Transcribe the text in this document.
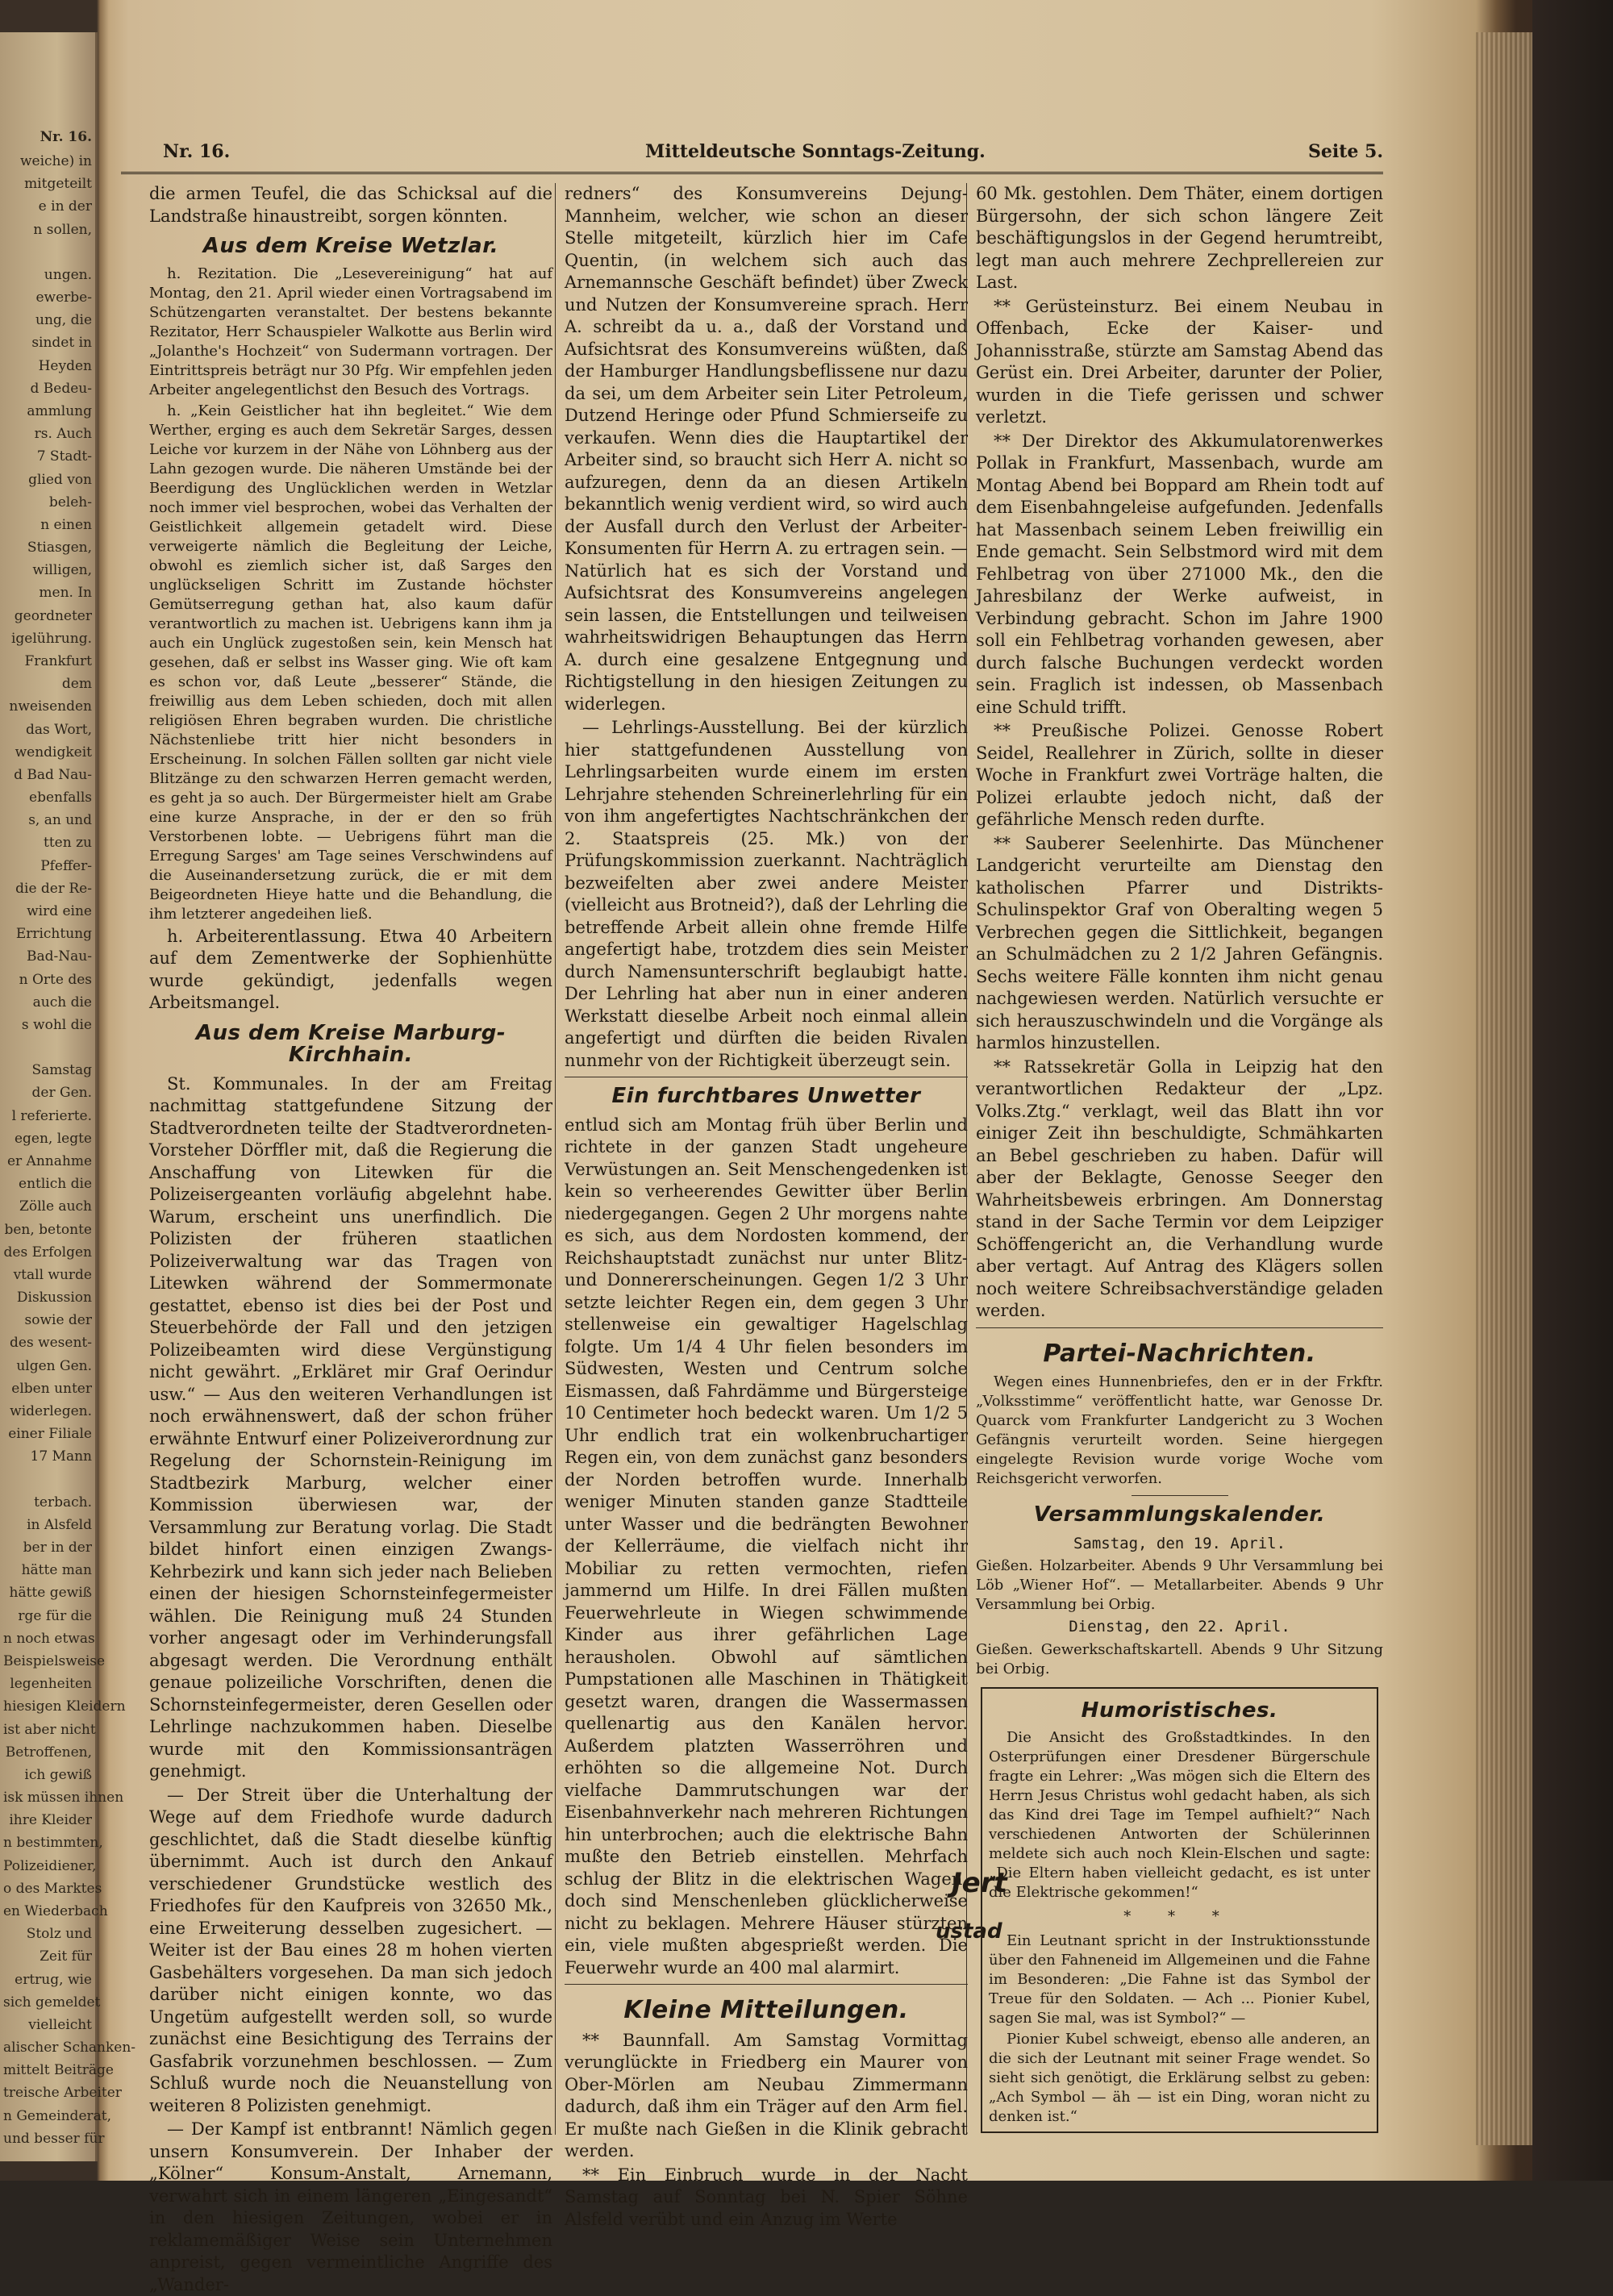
Nr. 16.
weiche) in
mitgeteilt
e in der
n sollen,
ungen.
ewerbe-
ung, die
sindet in
Heyden
d Bedeu-
ammlung
rs. Auch
7 Stadt-
glied von
beleh-
n einen
Stiasgen,
willigen,
men. In
geordneter
igelührung.
Frankfurt
dem
nweisenden
das Wort,
wendigkeit
d Bad Nau-
ebenfalls
s, an und
tten zu
Pfeffer-
die der Re-
wird eine
Errichtung
Bad-Nau-
n Orte des
auch die
s wohl die
Samstag
der Gen.
l referierte.
egen, legte
er Annahme
entlich die
Zölle auch
ben, betonte
des Erfolgen
vtall wurde
Diskussion
sowie der
des wesent-
ulgen Gen.
elben unter
widerlegen.
einer Filiale
17 Mann
terbach.
in Alsfeld
ber in der
hätte man
hätte gewiß
rge für die
n noch etwas
Beispielsweise
legenheiten
hiesigen Kleidern
ist aber nicht
Betroffenen,
ich gewiß
isk müssen ihnen
ihre Kleider
n bestimmten,
Polizeidiener,
o des Marktes
en Wiederbach
Stolz und
Zeit für
ertrug, wie
sich gemeldet
vielleicht
alischer Schanken-
mittelt Beiträge
treische Arbeiter
n Gemeinderat,
und besser für
Nr. 16.	Mitteldeutsche Sonntags-Zeitung.	Seite 5.

die armen Teufel, die das Schicksal auf die Landstraße hinaustreibt, sorgen könnten.

Aus dem Kreise Wetzlar.

h. Rezitation. Die „Lesevereinigung“ hat auf Montag, den 21. April wieder einen Vortragsabend im Schützengarten veranstaltet. Der bestens bekannte Rezitator, Herr Schauspieler Walkotte aus Berlin wird „Jolanthe's Hochzeit“ von Sudermann vortragen. Der Eintrittspreis beträgt nur 30 Pfg. Wir empfehlen jeden Arbeiter angelegentlichst den Besuch des Vortrags.

h. „Kein Geistlicher hat ihn begleitet.“ Wie dem Werther, erging es auch dem Sekretär Sarges, dessen Leiche vor kurzem in der Nähe von Löhnberg aus der Lahn gezogen wurde. Die näheren Umstände bei der Beerdigung des Unglücklichen werden in Wetzlar noch immer viel besprochen, wobei das Verhalten der Geistlichkeit allgemein getadelt wird. Diese verweigerte nämlich die Begleitung der Leiche, obwohl es ziemlich sicher ist, daß Sarges den unglückseligen Schritt im Zustande höchster Gemütserregung gethan hat, also kaum dafür verantwortlich zu machen ist. Uebrigens kann ihm ja auch ein Unglück zugestoßen sein, kein Mensch hat gesehen, daß er selbst ins Wasser ging. Wie oft kam es schon vor, daß Leute „besserer“ Stände, die freiwillig aus dem Leben schieden, doch mit allen religiösen Ehren begraben wurden. Die christliche Nächstenliebe tritt hier nicht besonders in Erscheinung. In solchen Fällen sollten gar nicht viele Blitzänge zu den schwarzen Herren gemacht werden, es geht ja so auch. Der Bürgermeister hielt am Grabe eine kurze Ansprache, in der er den so früh Verstorbenen lobte. — Uebrigens führt man die Erregung Sarges' am Tage seines Verschwindens auf die Auseinandersetzung zurück, die er mit dem Beigeordneten Hieye hatte und die Behandlung, die ihm letzterer angedeihen ließ.

h. Arbeiterentlassung. Etwa 40 Arbeitern auf dem Zementwerke der Sophienhütte wurde gekündigt, jedenfalls wegen Arbeitsmangel.

Aus dem Kreise Marburg-Kirchhain.

St. Kommunales. In der am Freitag nachmittag stattgefundene Sitzung der Stadtverordneten teilte der Stadtverordneten-Vorsteher Dörffler mit, daß die Regierung die Anschaffung von Litewken für die Polizeisergeanten vorläufig abgelehnt habe. Warum, erscheint uns unerfindlich. Die Polizisten der früheren staatlichen Polizeiverwaltung war das Tragen von Litewken während der Sommermonate gestattet, ebenso ist dies bei der Post und Steuerbehörde der Fall und den jetzigen Polizeibeamten wird diese Vergünstigung nicht gewährt. „Erkläret mir Graf Oerindur usw.“ — Aus den weiteren Verhandlungen ist noch erwähnenswert, daß der schon früher erwähnte Entwurf einer Polizeiverordnung zur Regelung der Schornstein-Reinigung im Stadtbezirk Marburg, welcher einer Kommission überwiesen war, der Versammlung zur Beratung vorlag. Die Stadt bildet hinfort einen einzigen Zwangs-Kehrbezirk und kann sich jeder nach Belieben einen der hiesigen Schornsteinfegermeister wählen. Die Reinigung muß 24 Stunden vorher angesagt oder im Verhinderungsfall abgesagt werden. Die Verordnung enthält genaue polizeiliche Vorschriften, denen die Schornsteinfegermeister, deren Gesellen oder Lehrlinge nachzukommen haben. Dieselbe wurde mit den Kommissionsanträgen genehmigt.

— Der Streit über die Unterhaltung der Wege auf dem Friedhofe wurde dadurch geschlichtet, daß die Stadt dieselbe künftig übernimmt. Auch ist durch den Ankauf verschiedener Grundstücke westlich des Friedhofes für den Kaufpreis von 32650 Mk., eine Erweiterung desselben zugesichert. — Weiter ist der Bau eines 28 m hohen vierten Gasbehälters vorgesehen. Da man sich jedoch darüber nicht einigen konnte, wo das Ungetüm aufgestellt werden soll, so wurde zunächst eine Besichtigung des Terrains der Gasfabrik vorzunehmen beschlossen. — Zum Schluß wurde noch die Neuanstellung von weiteren 8 Polizisten genehmigt.

— Der Kampf ist entbrannt! Nämlich gegen unsern Konsumverein. Der Inhaber der „Kölner“ Konsum-Anstalt, Arnemann, verwahrt sich in einem längeren „Eingesandt“ in den hiesigen Zeitungen, wobei er in reklamemäßiger Weise sein Unternehmen anpreist, gegen vermeintliche Angriffe des „Wander-

redners“ des Konsumvereins Dejung-Mannheim, welcher, wie schon an dieser Stelle mitgeteilt, kürzlich hier im Cafe Quentin, (in welchem sich auch das Arnemannsche Geschäft befindet) über Zweck und Nutzen der Konsumvereine sprach. Herr A. schreibt da u. a., daß der Vorstand und Aufsichtsrat des Konsumvereins wüßten, daß der Hamburger Handlungsbeflissene nur dazu da sei, um dem Arbeiter sein Liter Petroleum, Dutzend Heringe oder Pfund Schmierseife zu verkaufen. Wenn dies die Hauptartikel der Arbeiter sind, so braucht sich Herr A. nicht so aufzuregen, denn da an diesen Artikeln bekanntlich wenig verdient wird, so wird auch der Ausfall durch den Verlust der Arbeiter-Konsumenten für Herrn A. zu ertragen sein. — Natürlich hat es sich der Vorstand und Aufsichtsrat des Konsumvereins angelegen sein lassen, die Entstellungen und teilweisen wahrheitswidrigen Behauptungen das Herrn A. durch eine gesalzene Entgegnung und Richtigstellung in den hiesigen Zeitungen zu widerlegen.

— Lehrlings-Ausstellung. Bei der kürzlich hier stattgefundenen Ausstellung von Lehrlingsarbeiten wurde einem im ersten Lehrjahre stehenden Schreinerlehrling für ein von ihm angefertigtes Nachtschränkchen der 2. Staatspreis (25. Mk.) von der Prüfungskommission zuerkannt. Nachträglich bezweifelten aber zwei andere Meister (vielleicht aus Brotneid?), daß der Lehrling die betreffende Arbeit allein ohne fremde Hilfe angefertigt habe, trotzdem dies sein Meister durch Namensunterschrift beglaubigt hatte. Der Lehrling hat aber nun in einer anderen Werkstatt dieselbe Arbeit noch einmal allein angefertigt und dürften die beiden Rivalen nunmehr von der Richtigkeit überzeugt sein.

Ein furchtbares Unwetter

entlud sich am Montag früh über Berlin und richtete in der ganzen Stadt ungeheure Verwüstungen an. Seit Menschengedenken ist kein so verheerendes Gewitter über Berlin niedergegangen. Gegen 2 Uhr morgens nahte es sich, aus dem Nordosten kommend, der Reichshauptstadt zunächst nur unter Blitz- und Donnererscheinungen. Gegen 1/2 3 Uhr setzte leichter Regen ein, dem gegen 3 Uhr stellenweise ein gewaltiger Hagelschlag folgte. Um 1/4 4 Uhr fielen besonders im Südwesten, Westen und Centrum solche Eismassen, daß Fahrdämme und Bürgersteige 10 Centimeter hoch bedeckt waren. Um 1/2 5 Uhr endlich trat ein wolkenbruchartiger Regen ein, von dem zunächst ganz besonders der Norden betroffen wurde. Innerhalb weniger Minuten standen ganze Stadtteile unter Wasser und die bedrängten Bewohner der Kellerräume, die vielfach nicht ihr Mobiliar zu retten vermochten, riefen jammernd um Hilfe. In drei Fällen mußten Feuerwehrleute in Wiegen schwimmende Kinder aus ihrer gefährlichen Lage herausholen. Obwohl auf sämtlichen Pumpstationen alle Maschinen in Thätigkeit gesetzt waren, drangen die Wassermassen quellenartig aus den Kanälen hervor. Außerdem platzten Wasserröhren und erhöhten so die allgemeine Not. Durch vielfache Dammrutschungen war der Eisenbahnverkehr nach mehreren Richtungen hin unterbrochen; auch die elektrische Bahn mußte den Betrieb einstellen. Mehrfach schlug der Blitz in die elektrischen Wagen, doch sind Menschenleben glücklicherweise nicht zu beklagen. Mehrere Häuser stürzten ein, viele mußten abgesprießt werden. Die Feuerwehr wurde an 400 mal alarmirt.

Kleine Mitteilungen.

** Baunnfall. Am Samstag Vormittag verunglückte in Friedberg ein Maurer von Ober-Mörlen am Neubau Zimmermann dadurch, daß ihm ein Träger auf den Arm fiel. Er mußte nach Gießen in die Klinik gebracht werden.

** Ein Einbruch wurde in der Nacht Samstag auf Sonntag bei N. Spier Söhne Alsfeld verübt und ein Anzug im Werte

Jert
ustad

60 Mk. gestohlen. Dem Thäter, einem dortigen Bürgersohn, der sich schon längere Zeit beschäftigungslos in der Gegend herumtreibt, legt man auch mehrere Zechprellereien zur Last.

** Gerüsteinsturz. Bei einem Neubau in Offenbach, Ecke der Kaiser- und Johannisstraße, stürzte am Samstag Abend das Gerüst ein. Drei Arbeiter, darunter der Polier, wurden in die Tiefe gerissen und schwer verletzt.

** Der Direktor des Akkumulatorenwerkes Pollak in Frankfurt, Massenbach, wurde am Montag Abend bei Boppard am Rhein todt auf dem Eisenbahngeleise aufgefunden. Jedenfalls hat Massenbach seinem Leben freiwillig ein Ende gemacht. Sein Selbstmord wird mit dem Fehlbetrag von über 271000 Mk., den die Jahresbilanz der Werke aufweist, in Verbindung gebracht. Schon im Jahre 1900 soll ein Fehlbetrag vorhanden gewesen, aber durch falsche Buchungen verdeckt worden sein. Fraglich ist indessen, ob Massenbach eine Schuld trifft.

** Preußische Polizei. Genosse Robert Seidel, Reallehrer in Zürich, sollte in dieser Woche in Frankfurt zwei Vorträge halten, die Polizei erlaubte jedoch nicht, daß der gefährliche Mensch reden durfte.

** Sauberer Seelenhirte. Das Münchener Landgericht verurteilte am Dienstag den katholischen Pfarrer und Distrikts-Schulinspektor Graf von Oberalting wegen 5 Verbrechen gegen die Sittlichkeit, begangen an Schulmädchen zu 2 1/2 Jahren Gefängnis. Sechs weitere Fälle konnten ihm nicht genau nachgewiesen werden. Natürlich versuchte er sich herauszuschwindeln und die Vorgänge als harmlos hinzustellen.

** Ratssekretär Golla in Leipzig hat den verantwortlichen Redakteur der „Lpz. Volks.Ztg.“ verklagt, weil das Blatt ihn vor einiger Zeit ihn beschuldigte, Schmähkarten an Bebel geschrieben zu haben. Dafür will aber der Beklagte, Genosse Seeger den Wahrheitsbeweis erbringen. Am Donnerstag stand in der Sache Termin vor dem Leipziger Schöffengericht an, die Verhandlung wurde aber vertagt. Auf Antrag des Klägers sollen noch weitere Schreibsachverständige geladen werden.

Partei-Nachrichten.

Wegen eines Hunnenbriefes, den er in der Frkftr. „Volksstimme“ veröffentlicht hatte, war Genosse Dr. Quarck vom Frankfurter Landgericht zu 3 Wochen Gefängnis verurteilt worden. Seine hiergegen eingelegte Revision wurde vorige Woche vom Reichsgericht verworfen.

Versammlungskalender.
Samstag, den 19. April.

Gießen. Holzarbeiter. Abends 9 Uhr Versammlung bei Löb „Wiener Hof“. — Metallarbeiter. Abends 9 Uhr Versammlung bei Orbig.

Dienstag, den 22. April.

Gießen. Gewerkschaftskartell. Abends 9 Uhr Sitzung bei Orbig.

Humoristisches.

Die Ansicht des Großstadtkindes. In den Osterprüfungen einer Dresdener Bürgerschule fragte ein Lehrer: „Was mögen sich die Eltern des Herrn Jesus Christus wohl gedacht haben, als sich das Kind drei Tage im Tempel aufhielt?“ Nach verschiedenen Antworten der Schülerinnen meldete sich auch noch Klein-Elschen und sagte: „Die Eltern haben vielleicht gedacht, es ist unter die Elektrische gekommen!“

* * *

Ein Leutnant spricht in der Instruktionsstunde über den Fahneneid im Allgemeinen und die Fahne im Besonderen: „Die Fahne ist das Symbol der Treue für den Soldaten. — Ach ... Pionier Kubel, sagen Sie mal, was ist Symbol?“ —

Pionier Kubel schweigt, ebenso alle anderen, an die sich der Leutnant mit seiner Frage wendet. So sieht sich genötigt, die Erklärung selbst zu geben: „Ach Symbol — äh — ist ein Ding, woran nicht zu denken ist.“
